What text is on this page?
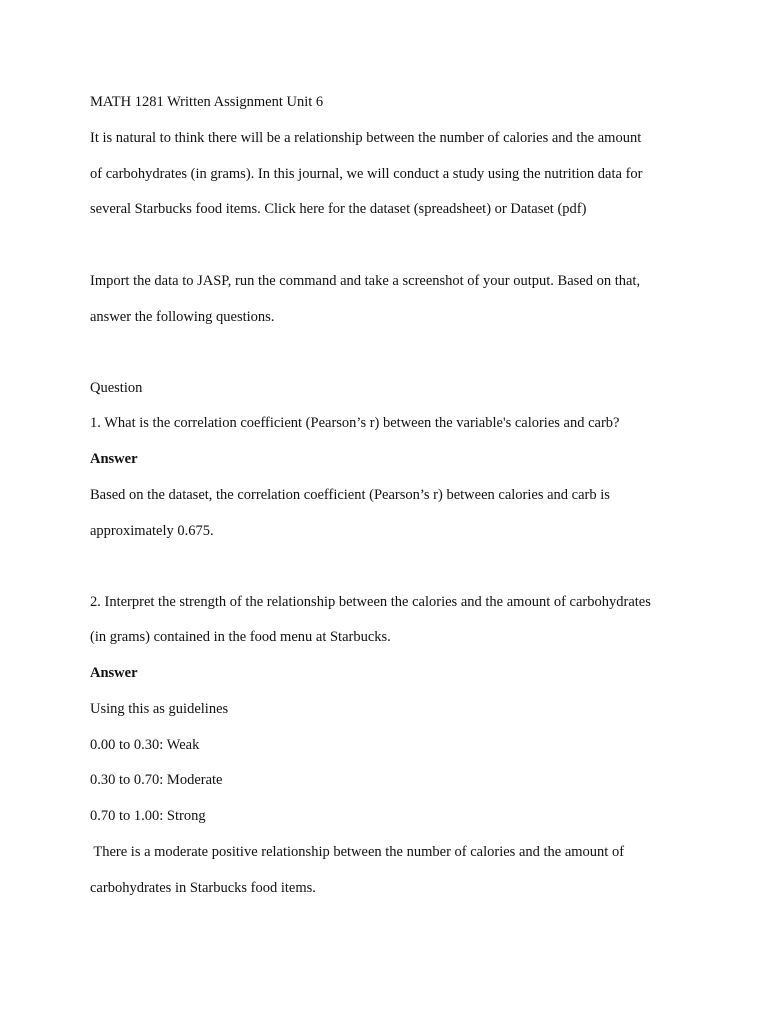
MATH 1281 Written Assignment Unit 6
It is natural to think there will be a relationship between the number of calories and the amount
of carbohydrates (in grams). In this journal, we will conduct a study using the nutrition data for
several Starbucks food items. Click here for the dataset (spreadsheet) or Dataset (pdf)
Import the data to JASP, run the command and take a screenshot of your output. Based on that,
answer the following questions.
Question
1. What is the correlation coefficient (Pearson’s r) between the variable's calories and carb?
Answer
Based on the dataset, the correlation coefficient (Pearson’s r) between calories and carb is
approximately 0.675.
2. Interpret the strength of the relationship between the calories and the amount of carbohydrates
(in grams) contained in the food menu at Starbucks.
Answer
Using this as guidelines
0.00 to 0.30: Weak
0.30 to 0.70: Moderate
0.70 to 1.00: Strong
There is a moderate positive relationship between the number of calories and the amount of
carbohydrates in Starbucks food items.
